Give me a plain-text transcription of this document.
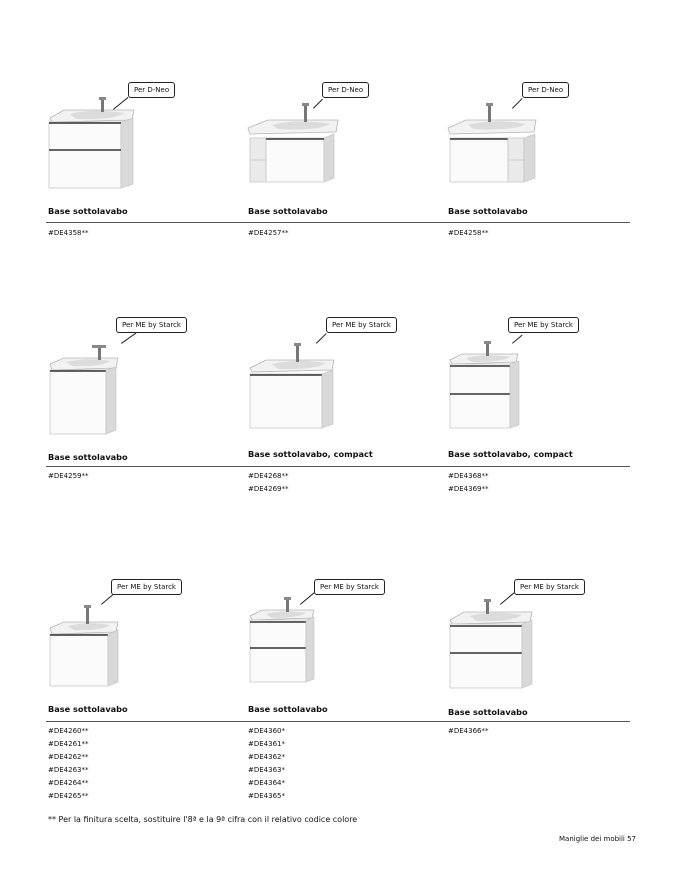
Per D-Neo
Base sottolavabo
#DE4358**
Per D-Neo
Base sottolavabo
#DE4257**
Per D-Neo
Base sottolavabo
#DE4258**
Per ME by Starck
Base sottolavabo
#DE4259**
Per ME by Starck
Base sottolavabo, compact
#DE4268**
#DE4269**
Per ME by Starck
Base sottolavabo, compact
#DE4368**
#DE4369**
Per ME by Starck
Base sottolavabo
#DE4260**
#DE4261**
#DE4262**
#DE4263**
#DE4264**
#DE4265**
Per ME by Starck
Base sottolavabo
#DE4360*
#DE4361*
#DE4362*
#DE4363*
#DE4364*
#DE4365*
Per ME by Starck
Base sottolavabo
#DE4366**
** Per la finitura scelta, sostituire l'8ª e la 9ª cifra con il relativo codice colore
Maniglie dei mobili 57
